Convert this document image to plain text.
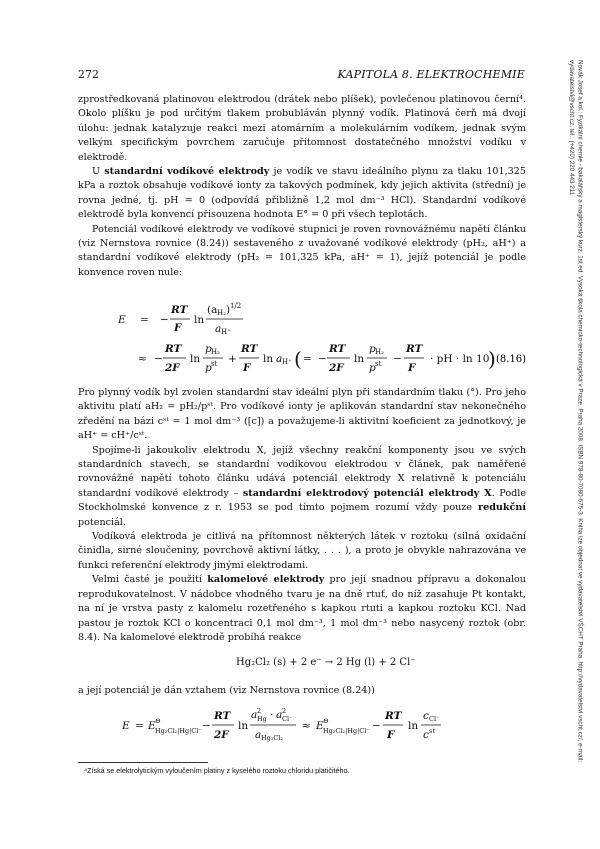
272	KAPITOLA 8. ELEKTROCHEMIE	Novák Josef a kol.: Fyzikální chemie - bakalářský a magisterský kurz. 1st ed. Vysoká škola chemicko-technologická v Praze, Praha 2008. ISBN 978-80-7080-675-3. Kniha lze objednat ve vydavatelství VŠCHT Praha, http://vydavatelstvi.vscht.cz/, e-mail: vydavatelstvi@vscht.cz, tel.: (+420) 220 443 211

zprostředkovaná platinovou elektrodou (drátek nebo plíšek), povlečenou platinovou černí⁴. Okolo plíšku je pod určitým tlakem probubláván plynný vodík. Platinová čerň má dvojí úlohu: jednak katalyzuje reakci mezi atomárním a molekulárním vodíkem, jednak svým velkým specifickým povrchem zaručuje přítomnost dostatečného množství vodíku v elektrodě.

U standardní vodíkové elektrody je vodík ve stavu ideálního plynu za tlaku 101,325 kPa a roztok obsahuje vodíkové ionty za takových podmínek, kdy jejich aktivita (střední) je rovna jedné, tj. pH = 0 (odpovídá přibližně 1,2 mol dm⁻³ HCl). Standardní vodíkové elektrodě byla konvencí přisouzena hodnota E° = 0 při všech teplotách.

Potenciál vodíkové elektrody ve vodíkové stupnici je roven rovnovážnému napětí článku (viz Nernstova rovnice (8.24)) sestaveného z uvažované vodíkové elektrody (pH₂, aH⁺) a standardní vodíkové elektrody (pH₂ = 101,325 kPa, aH⁺ = 1), jejíž potenciál je podle konvence roven nule:

E = −
RT
F
ln
(a H₂ ) 1/2
a H⁺
≈ −
RT
2F
ln
p H₂
p st +
RT
F
ln a H⁺ ( = −
RT
2F
ln
p H₂
p st −
RT
F
· pH · ln 10
) (8.16)

Pro plynný vodík byl zvolen standardní stav ideální plyn při standardním tlaku (°). Pro jeho aktivitu platí aH₂ = pH₂/pˢᵗ. Pro vodíkové ionty je aplikován standardní stav nekonečného zředění na bázi cˢᵗ = 1 mol dm⁻³ ([c]) a považujeme-li aktivitní koeficient za jednotkový, je aH⁺ = cH⁺/cˢᵗ.

Spojíme-li jakoukoliv elektrodu X, jejíž všechny reakční komponenty jsou ve svých standardních stavech, se standardní vodíkovou elektrodou v článek, pak naměřené rovnovážné napětí tohoto článku udává potenciál elektrody X relativně k potenciálu standardní vodíkové elektrody – standardní elektrodový potenciál elektrody X. Podle Stockholmské konvence z r. 1953 se pod tímto pojmem rozumí vždy pouze redukční potenciál.

Vodíková elektroda je citlivá na přítomnost některých látek v roztoku (silná oxidační činidla, sirné sloučeniny, povrchově aktivní látky, . . . ), a proto je obvykle nahrazována ve funkci referenční elektrody jinými elektrodami.

Velmi časté je použití kalomelové elektrody pro její snadnou přípravu a dokonalou reprodukovatelnost. V nádobce vhodného tvaru je na dně rtuť, do níž zasahuje Pt kontakt, na ní je vrstva pasty z kalomelu rozetřeného s kapkou rtuti a kapkou roztoku KCl. Nad pastou je roztok KCl o koncentraci 0,1 mol dm⁻³, 1 mol dm⁻³ nebo nasycený roztok (obr. 8.4). Na kalomelové elektrodě probíhá reakce

Hg₂Cl₂ (s) + 2 e⁻ → 2 Hg (l) + 2 Cl⁻

a její potenciál je dán vztahem (viz Nernstova rovnice (8.24))

E = E ⊖
Hg₂Cl₂|Hg|Cl⁻ −
RT
2F
ln
a 2
Hg · a 2
Cl⁻
a Hg₂Cl₂
≈ E ⊖
Hg₂Cl₂|Hg|Cl⁻ −
RT
F
ln
c Cl⁻
c st
⁴Získá se elektrolytickým vyloučením platiny z kyselého roztoku chloridu platičitého.
